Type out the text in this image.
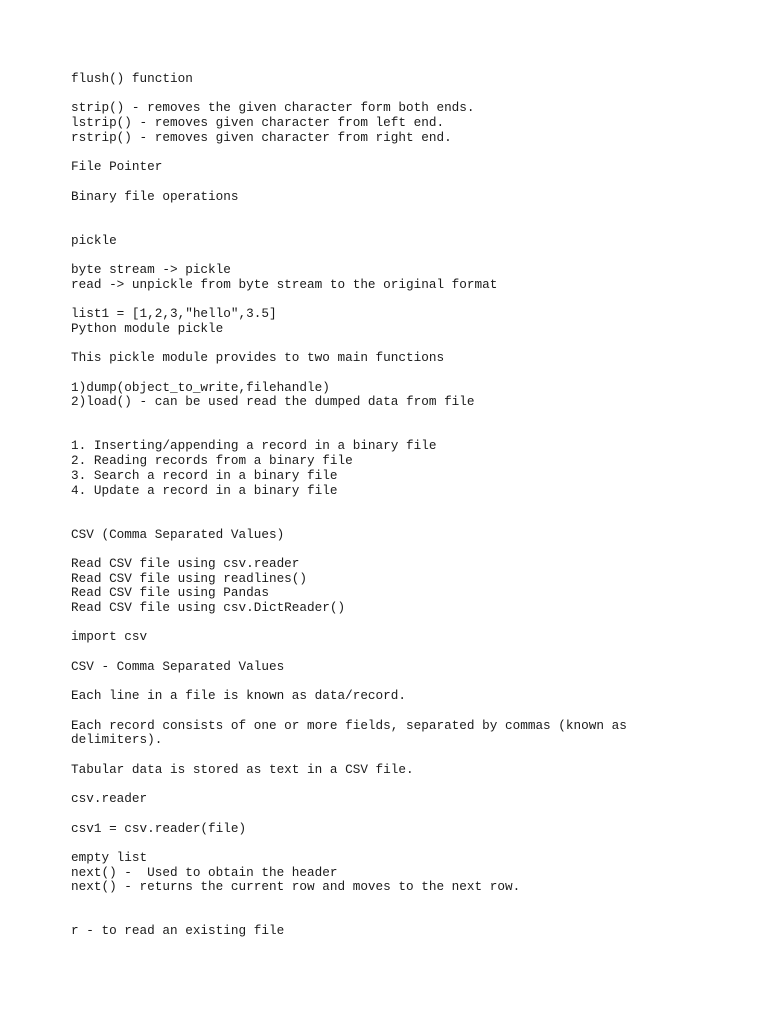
flush() function
strip() - removes the given character form both ends.
lstrip() - removes given character from left end.
rstrip() - removes given character from right end.
File Pointer
Binary file operations
pickle
byte stream -> pickle
read -> unpickle from byte stream to the original format
list1 = [1,2,3,"hello",3.5]
Python module pickle
This pickle module provides to two main functions
1)dump(object_to_write,filehandle)
2)load() - can be used read the dumped data from file
1. Inserting/appending a record in a binary file
2. Reading records from a binary file
3. Search a record in a binary file
4. Update a record in a binary file
CSV (Comma Separated Values)
Read CSV file using csv.reader
Read CSV file using readlines()
Read CSV file using Pandas
Read CSV file using csv.DictReader()
import csv
CSV - Comma Separated Values
Each line in a file is known as data/record.
Each record consists of one or more fields, separated by commas (known as
delimiters).
Tabular data is stored as text in a CSV file.
csv.reader
csv1 = csv.reader(file)
empty list
next() -  Used to obtain the header
next() - returns the current row and moves to the next row.
r - to read an existing file
